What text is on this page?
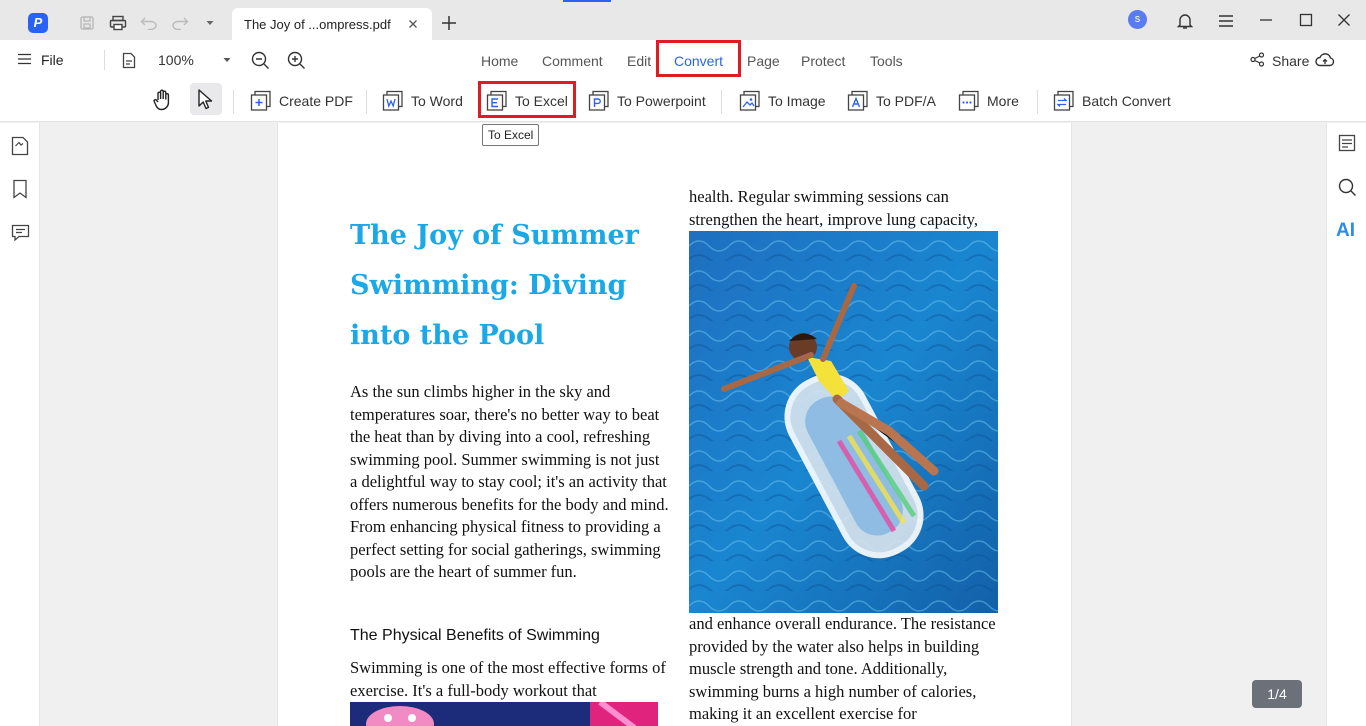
P	The Joy of ...ompress.pdf	s
File	100%	Home Comment Edit Convert Page Protect Tools	Share
Create PDF	To Word	To Excel	To Powerpoint	To Image	To PDF/A	More	Batch Convert
AI
The Joy of Summer Swimming: Diving into the Pool
As the sun climbs higher in the sky and temperatures soar, there's no better way to beat the heat than by diving into a cool, refreshing swimming pool. Summer swimming is not just a delightful way to stay cool; it's an activity that offers numerous benefits for the body and mind. From enhancing physical fitness to providing a perfect setting for social gatherings, swimming pools are the heart of summer fun.
The Physical Benefits of Swimming
Swimming is one of the most effective forms of exercise. It's a full-body workout that
health. Regular swimming sessions can strengthen the heart, improve lung capacity,
and enhance overall endurance. The resistance provided by the water also helps in building muscle strength and tone. Additionally, swimming burns a high number of calories, making it an excellent exercise for
To Excel
1/4
